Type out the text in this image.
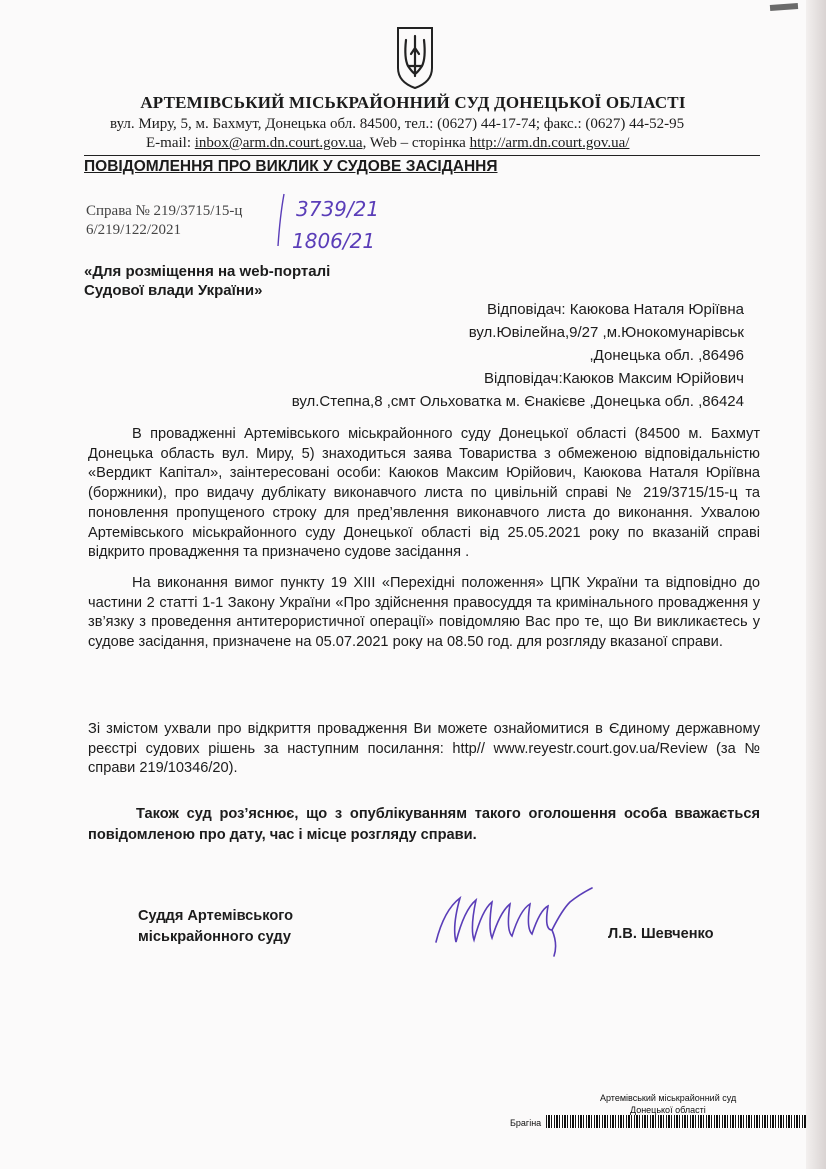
АРТЕМІВСЬКИЙ МІСЬКРАЙОННИЙ СУД ДОНЕЦЬКОЇ ОБЛАСТІ
вул. Миру, 5, м. Бахмут, Донецька обл. 84500, тел.: (0627) 44-17-74; факс.: (0627) 44-52-95
E-mail: inbox@arm.dn.court.gov.ua, Web – сторінка http://arm.dn.court.gov.ua/
ПОВІДОМЛЕННЯ ПРО ВИКЛИК У СУДОВЕ ЗАСІДАННЯ
Справа № 219/3715/15-ц
6/219/122/2021
3739/21
1806/21
«Для розміщення на web-порталі
Судової влади України»
Відповідач: Каюкова Наталя Юріївна
вул.Ювілейна,9/27 ,м.Юнокомунарівськ
,Донецька обл. ,86496
Відповідач:Каюков Максим Юрійович
вул.Степна,8 ,смт Ольховатка м. Єнакієве ,Донецька обл. ,86424
В провадженні Артемівського міськрайонного суду Донецької області (84500 м. Бахмут Донецька область вул. Миру, 5) знаходиться заява Товариства з обмеженою відповідальністю «Вердикт Капітал», заінтересовані особи: Каюков Максим Юрійович, Каюкова Наталя Юріївна (боржники), про видачу дублікату виконавчого листа по цивільній справі № 219/3715/15-ц та поновлення пропущеного строку для пред’явлення виконавчого листа до виконання. Ухвалою Артемівського міськрайонного суду Донецької області від 25.05.2021 року по вказаній справі відкрито провадження та призначено судове засідання .
На виконання вимог пункту 19 ХІІІ «Перехідні положення» ЦПК України та відповідно до частини 2 статті 1-1 Закону України «Про здійснення правосуддя та кримінального провадження у зв’язку з проведення антитерористичної операції» повідомляю Вас про те, що Ви викликаєтесь у судове засідання, призначене на 05.07.2021 року на 08.50 год. для розгляду вказаної справи.
Зі змістом ухвали про відкриття провадження Ви можете ознайомитися в Єдиному державному реєстрі судових рішень за наступним посилання: http// www.reyestr.court.gov.ua/Review (за № справи 219/10346/20).
Також суд роз’яснює, що з опублікуванням такого оголошення особа вважається повідомленою про дату, час і місце розгляду справи.
Суддя Артемівського
міськрайонного суду	Л.В. Шевченко
Артемівський міськрайонний суд
Донецької області
Брагіна
